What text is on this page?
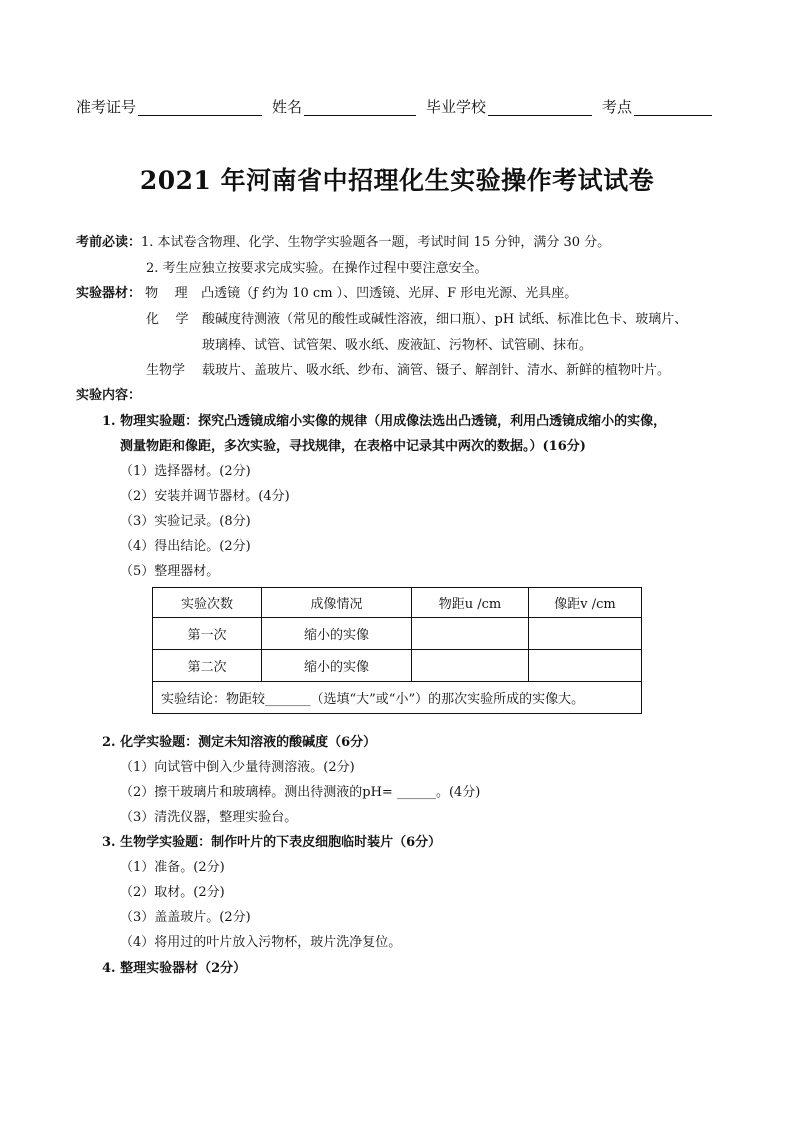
准考证号	姓名	毕业学校	考点
2021 年河南省中招理化生实验操作考试试卷
考前必读：1. 本试卷含物理、化学、生物学实验题各一题，考试时间 15 分钟，满分 30 分。
2. 考生应独立按要求完成实验。在操作过程中要注意安全。
实验器材： 物    理 凸透镜（ƒ 约为 10 cm ）、凹透镜、光屏、F 形电光源、光具座。
化    学 酸碱度待测液（常见的酸性或碱性溶液，细口瓶）、pH 试纸、标准比色卡、玻璃片、
玻璃棒、试管、试管架、吸水纸、废液缸、污物杯、试管刷、抹布。
生物学 载玻片、盖玻片、吸水纸、纱布、滴管、镊子、解剖针、清水、新鲜的植物叶片。
实验内容：
1. 物理实验题：探究凸透镜成缩小实像的规律（用成像法选出凸透镜，利用凸透镜成缩小的实像，
测量物距和像距，多次实验，寻找规律，在表格中记录其中两次的数据。）(16分)
（1）选择器材。(2分)
（2）安装并调节器材。(4分)
（3）实验记录。(8分)
（4）得出结论。(2分)
（5）整理器材。
实验次数	成像情况	物距u /cm	像距v /cm
第一次	缩小的实像		
第二次	缩小的实像		
实验结论：物距较_______（选填“大”或“小”）的那次实验所成的实像大。			
2. 化学实验题：测定未知溶液的酸碱度（6分）
（1）向试管中倒入少量待测溶液。(2分)
（2）擦干玻璃片和玻璃棒。测出待测液的pH= ______。(4分)
（3）清洗仪器，整理实验台。
3. 生物学实验题：制作叶片的下表皮细胞临时装片（6分）
（1）准备。(2分)
（2）取材。(2分)
（3）盖盖玻片。(2分)
（4）将用过的叶片放入污物杯，玻片洗净复位。
4. 整理实验器材（2分）
